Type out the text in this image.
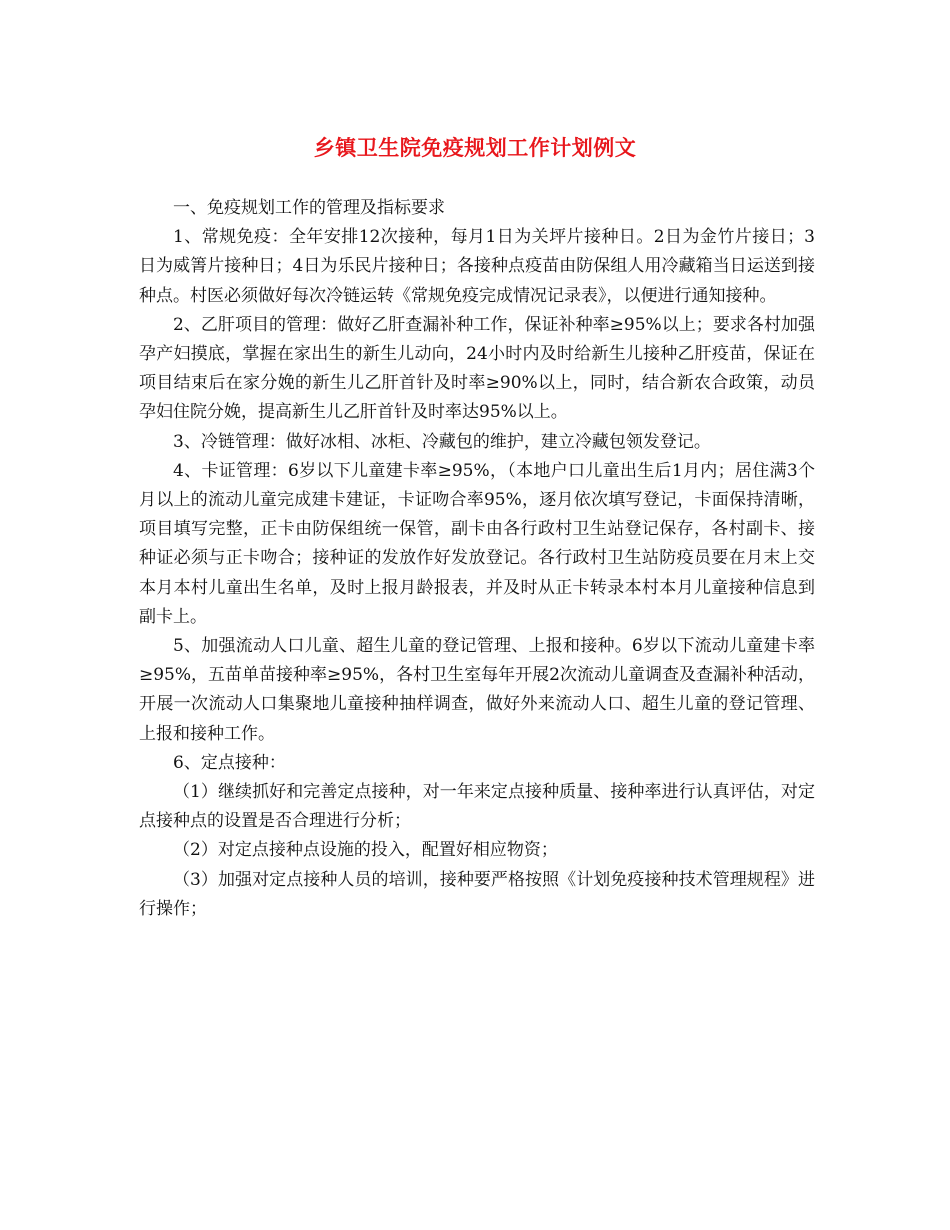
乡镇卫生院免疫规划工作计划例文

一、免疫规划工作的管理及指标要求

1、常规免疫：全年安排12次接种，每月1日为关坪片接种日。2日为金竹片接日；3日为威箐片接种日；4日为乐民片接种日；各接种点疫苗由防保组人用冷藏箱当日运送到接种点。村医必须做好每次冷链运转《常规免疫完成情况记录表》，以便进行通知接种。

2、乙肝项目的管理：做好乙肝查漏补种工作，保证补种率≥95%以上；要求各村加强孕产妇摸底，掌握在家出生的新生儿动向，24小时内及时给新生儿接种乙肝疫苗，保证在项目结束后在家分娩的新生儿乙肝首针及时率≥90%以上，同时，结合新农合政策，动员孕妇住院分娩，提高新生儿乙肝首针及时率达95%以上。

3、冷链管理：做好冰相、冰柜、冷藏包的维护，建立冷藏包领发登记。

4、卡证管理：6岁以下儿童建卡率≥95%，（本地户口儿童出生后1月内；居住满3个月以上的流动儿童完成建卡建证，卡证吻合率95%，逐月依次填写登记，卡面保持清晰，项目填写完整，正卡由防保组统一保管，副卡由各行政村卫生站登记保存，各村副卡、接种证必须与正卡吻合；接种证的发放作好发放登记。各行政村卫生站防疫员要在月末上交本月本村儿童出生名单，及时上报月龄报表，并及时从正卡转录本村本月儿童接种信息到副卡上。

5、加强流动人口儿童、超生儿童的登记管理、上报和接种。6岁以下流动儿童建卡率≥95%，五苗单苗接种率≥95%，各村卫生室每年开展2次流动儿童调查及查漏补种活动，开展一次流动人口集聚地儿童接种抽样调查，做好外来流动人口、超生儿童的登记管理、上报和接种工作。

6、定点接种：

（1）继续抓好和完善定点接种，对一年来定点接种质量、接种率进行认真评估，对定点接种点的设置是否合理进行分析；

（2）对定点接种点设施的投入，配置好相应物资；

（3）加强对定点接种人员的培训，接种要严格按照《计划免疫接种技术管理规程》进行操作；
